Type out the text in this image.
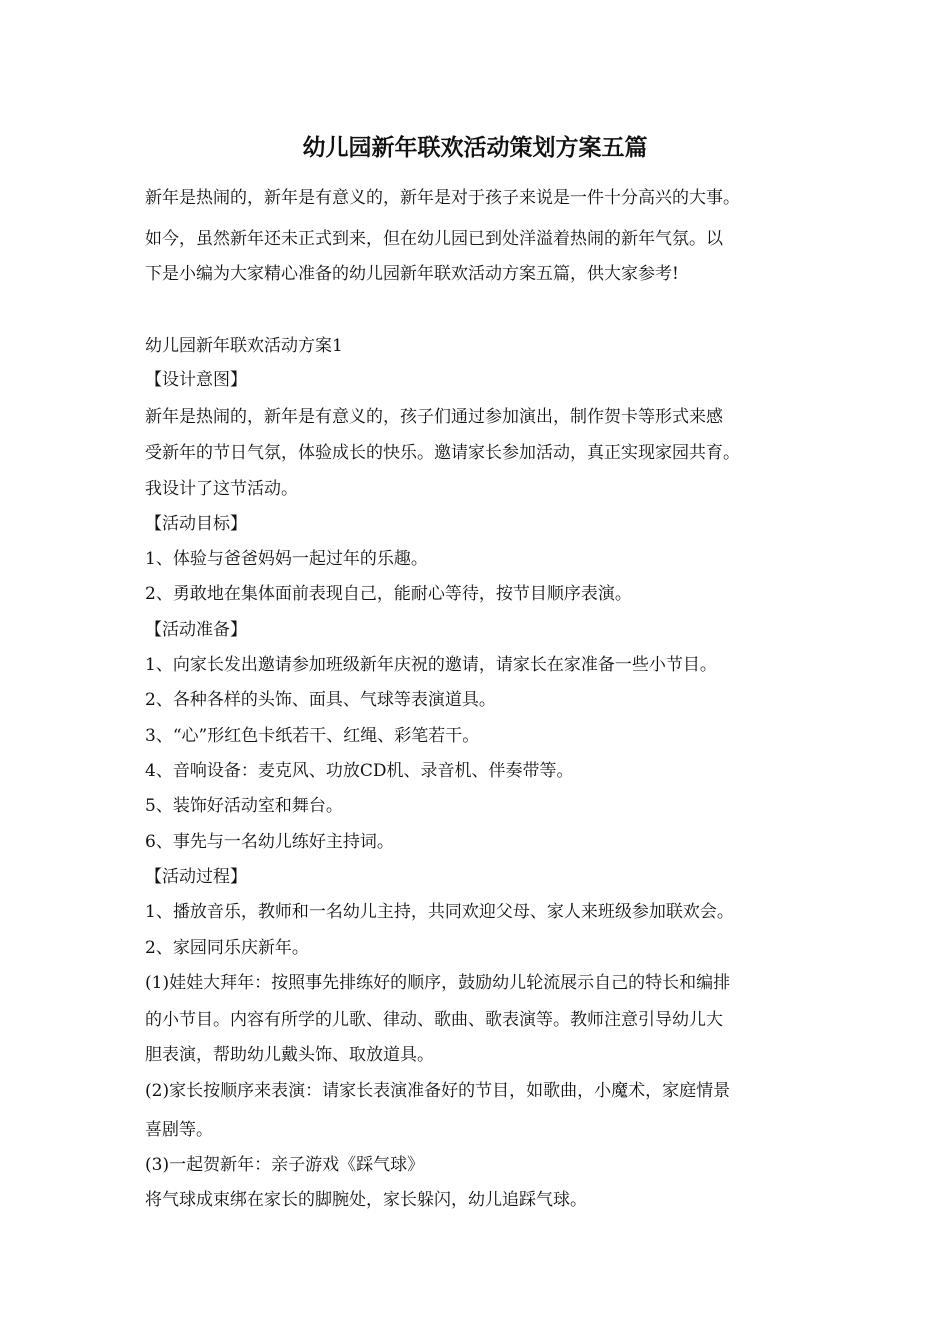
幼儿园新年联欢活动策划方案五篇

新年是热闹的，新年是有意义的，新年是对于孩子来说是一件十分高兴的大事。

如今，虽然新年还未正式到来，但在幼儿园已到处洋溢着热闹的新年气氛。以

下是小编为大家精心准备的幼儿园新年联欢活动方案五篇，供大家参考!

幼儿园新年联欢活动方案1

【设计意图】

新年是热闹的，新年是有意义的，孩子们通过参加演出，制作贺卡等形式来感

受新年的节日气氛，体验成长的快乐。邀请家长参加活动，真正实现家园共育。

我设计了这节活动。

【活动目标】

1、体验与爸爸妈妈一起过年的乐趣。

2、勇敢地在集体面前表现自己，能耐心等待，按节目顺序表演。

【活动准备】

1、向家长发出邀请参加班级新年庆祝的邀请，请家长在家准备一些小节目。

2、各种各样的头饰、面具、气球等表演道具。

3、“心”形红色卡纸若干、红绳、彩笔若干。

4、音响设备：麦克风、功放CD机、录音机、伴奏带等。

5、装饰好活动室和舞台。

6、事先与一名幼儿练好主持词。

【活动过程】

1、播放音乐，教师和一名幼儿主持，共同欢迎父母、家人来班级参加联欢会。

2、家园同乐庆新年。

(1)娃娃大拜年：按照事先排练好的顺序，鼓励幼儿轮流展示自己的特长和编排

的小节目。内容有所学的儿歌、律动、歌曲、歌表演等。教师注意引导幼儿大

胆表演，帮助幼儿戴头饰、取放道具。

(2)家长按顺序来表演：请家长表演准备好的节目，如歌曲，小魔术，家庭情景

喜剧等。

(3)一起贺新年：亲子游戏《踩气球》

将气球成束绑在家长的脚腕处，家长躲闪，幼儿追踩气球。
